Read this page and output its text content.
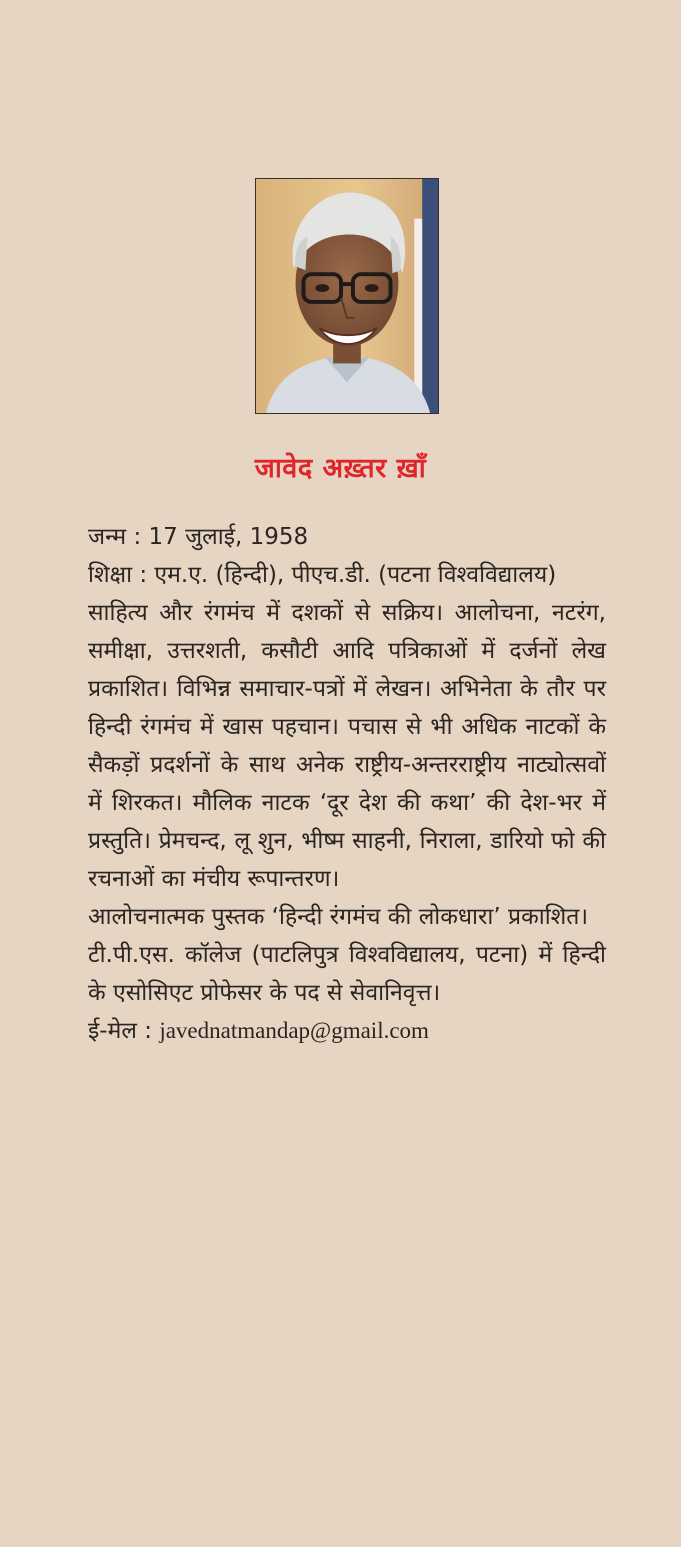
जावेद अख़्तर ख़ाँ

जन्म : 17 जुलाई, 1958

शिक्षा : एम.ए. (हिन्दी), पीएच.डी. (पटना विश्वविद्यालय)

साहित्य और रंगमंच में दशकों से सक्रिय। आलोचना, नटरंग, समीक्षा, उत्तरशती, कसौटी आदि पत्रिकाओं में दर्जनों लेख प्रकाशित। विभिन्न समाचार-पत्रों में लेखन। अभिनेता के तौर पर हिन्दी रंगमंच में खास पहचान। पचास से भी अधिक नाटकों के सैकड़ों प्रदर्शनों के साथ अनेक राष्ट्रीय-अन्तरराष्ट्रीय नाट्योत्सवों में शिरकत। मौलिक नाटक ‘दूर देश की कथा’ की देश-भर में प्रस्तुति। प्रेमचन्द, लू शुन, भीष्म साहनी, निराला, डारियो फो की रचनाओं का मंचीय रूपान्तरण।

आलोचनात्मक पुस्तक ‘हिन्दी रंगमंच की लोकधारा’ प्रकाशित।

टी.पी.एस. कॉलेज (पाटलिपुत्र विश्वविद्यालय, पटना) में हिन्दी के एसोसिएट प्रोफेसर के पद से सेवानिवृत्त।

ई-मेल : javednatmandap@gmail.com
